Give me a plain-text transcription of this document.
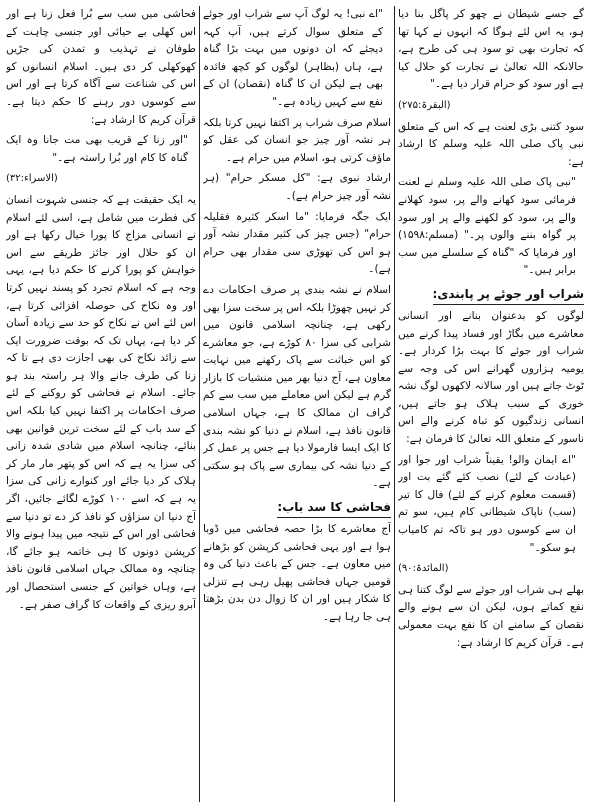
گے جسے شیطان نے چھو کر پاگل بنا دیا ہو، یہ اس لئے ہوگا کہ انہوں نے کہا تھا کہ تجارت بھی تو سود ہی کی طرح ہے، حالانکہ اللہ تعالیٰ نے تجارت کو حلال کیا ہے اور سود کو حرام قرار دیا ہے۔"

(البقرۃ:۲۷۵)

سود کتنی بڑی لعنت ہے کہ اس کے متعلق نبی پاک صلی اللہ علیہ وسلم کا ارشاد ہے:

"نبی پاک صلی اللہ علیہ وسلم نے لعنت فرمائی سود کھانے والے پر، سود کھلانے والے پر، سود کو لکھنے والے پر اور سود پر گواہ بننے والوں پر۔" (مسلم:۱۵۹۸) اور فرمایا کہ "گناہ کے سلسلے میں سب برابر ہیں۔"

شراب اور جوئے پر پابندی:

لوگوں کو بدعنوان بنانے اور انسانی معاشرے میں بگاڑ اور فساد پیدا کرنے میں شراب اور جوئے کا بہت بڑا کردار ہے۔ یومیہ ہزاروں گھرانے اس کی وجہ سے ٹوٹ جاتے ہیں اور سالانہ لاکھوں لوگ نشہ خوری کے سبب ہلاک ہو جاتے ہیں، انسانی زندگیوں کو تباہ کرنے والے اس ناسور کے متعلق اللہ تعالیٰ کا فرمان ہے:

"اے ایمان والو! یقیناً شراب اور جوا اور (عبادت کے لئے) نصب کئے گئے بت اور (قسمت معلوم کرنے کے لئے) فال کا تیر (سب) ناپاک شیطانی کام ہیں، سو تم ان سے کوسوں دور ہو تاکہ تم کامیاب ہو سکو۔"

(المائدۃ:۹۰)

بھلے ہی شراب اور جوئے سے لوگ کتنا ہی نفع کماتے ہوں، لیکن ان سے ہونے والے نقصان کے سامنے ان کا نفع بہت معمولی ہے۔ قرآن کریم کا ارشاد ہے:

"اے نبی! یہ لوگ آپ سے شراب اور جوئے کے متعلق سوال کرتے ہیں، آپ کہہ دیجئے کہ ان دونوں میں بہت بڑا گناہ ہے، ہاں (بظاہر) لوگوں کو کچھ فائدہ بھی ہے لیکن ان کا گناہ (نقصان) ان کے نفع سے کہیں زیادہ ہے۔"

اسلام صرف شراب پر اکتفا نہیں کرتا بلکہ ہر نشہ آور چیز جو انسان کی عقل کو ماؤف کرتی ہو، اسلام میں حرام ہے۔

ارشاد نبوی ہے: "کل مسکر حرام" (ہر نشہ آور چیز حرام ہے)۔

ایک جگہ فرمایا: "ما اسکر کثیرہ فقلیلہ حرام" (جس چیز کی کثیر مقدار نشہ آور ہو اس کی تھوڑی سی مقدار بھی حرام ہے)۔

اسلام نے نشہ بندی پر صرف احکامات دے کر نہیں چھوڑا بلکہ اس پر سخت سزا بھی رکھی ہے، چنانچہ اسلامی قانون میں شرابی کی سزا ۸۰ کوڑے ہے، جو معاشرے کو اس خباثت سے پاک رکھنے میں نہایت معاون ہے، آج دنیا بھر میں منشیات کا بازار گرم ہے لیکن اس معاملے میں سب سے کم گراف ان ممالک کا ہے، جہاں اسلامی قانون نافذ ہے، اسلام نے دنیا کو نشہ بندی کا ایک ایسا فارمولا دیا ہے جس پر عمل کر کے دنیا نشہ کی بیماری سے پاک ہو سکتی ہے۔

فحاشی کا سد باب:

آج معاشرے کا بڑا حصہ فحاشی میں ڈوبا ہوا ہے اور یہی فحاشی کرپشن کو بڑھانے میں معاون ہے۔ جس کے باعث دنیا کی وہ قومیں جہاں فحاشی پھیل رہی ہے تنزلی کا شکار ہیں اور ان کا زوال دن بدن بڑھتا ہی جا رہا ہے۔

فحاشی میں سب سے بُرا فعل زنا ہے اور اس کھلی بے حیائی اور جنسی چاہت کے طوفان نے تہذیب و تمدن کی جڑیں کھوکھلی کر دی ہیں۔ اسلام انسانوں کو اس کی شناعت سے آگاہ کرتا ہے اور اس سے کوسوں دور رہنے کا حکم دیتا ہے۔ قرآن کریم کا ارشاد ہے:

"اور زنا کے قریب بھی مت جانا وہ ایک گناہ کا کام اور بُرا راستہ ہے۔"

(الاسراء:۳۲)

یہ ایک حقیقت ہے کہ جنسی شہوت انسان کی فطرت میں شامل ہے، اسی لئے اسلام نے انسانی مزاج کا پورا خیال رکھا ہے اور ان کو حلال اور جائز طریقے سے اس خواہش کو پورا کرنے کا حکم دیا ہے، یہی وجہ ہے کہ اسلام تجرد کو پسند نہیں کرتا اور وہ نکاح کی حوصلہ افزائی کرتا ہے، اس لئے اس نے نکاح کو حد سے زیادہ آسان کر دیا ہے، یہاں تک کہ بوقت ضرورت ایک سے زائد نکاح کی بھی اجازت دی ہے تا کہ زنا کی طرف جانے والا ہر راستہ بند ہو جائے۔ اسلام نے فحاشی کو روکنے کے لئے صرف احکامات پر اکتفا نہیں کیا بلکہ اس کے سد باب کے لئے سخت ترین قوانین بھی بنائے، چنانچہ اسلام میں شادی شدہ زانی کی سزا یہ ہے کہ اس کو پتھر مار مار کر ہلاک کر دیا جائے اور کنوارے زانی کی سزا یہ ہے کہ اسے ۱۰۰ کوڑے لگائے جائیں، اگر آج دنیا ان سزاؤں کو نافذ کر دے تو دنیا سے فحاشی اور اس کے نتیجہ میں پیدا ہونے والا کرپشن دونوں کا ہی خاتمہ ہو جائے گا، چنانچہ وہ ممالک جہاں اسلامی قانون نافذ ہے، وہاں خواتین کے جنسی استحصال اور آبرو ریزی کے واقعات کا گراف صفر ہے۔
